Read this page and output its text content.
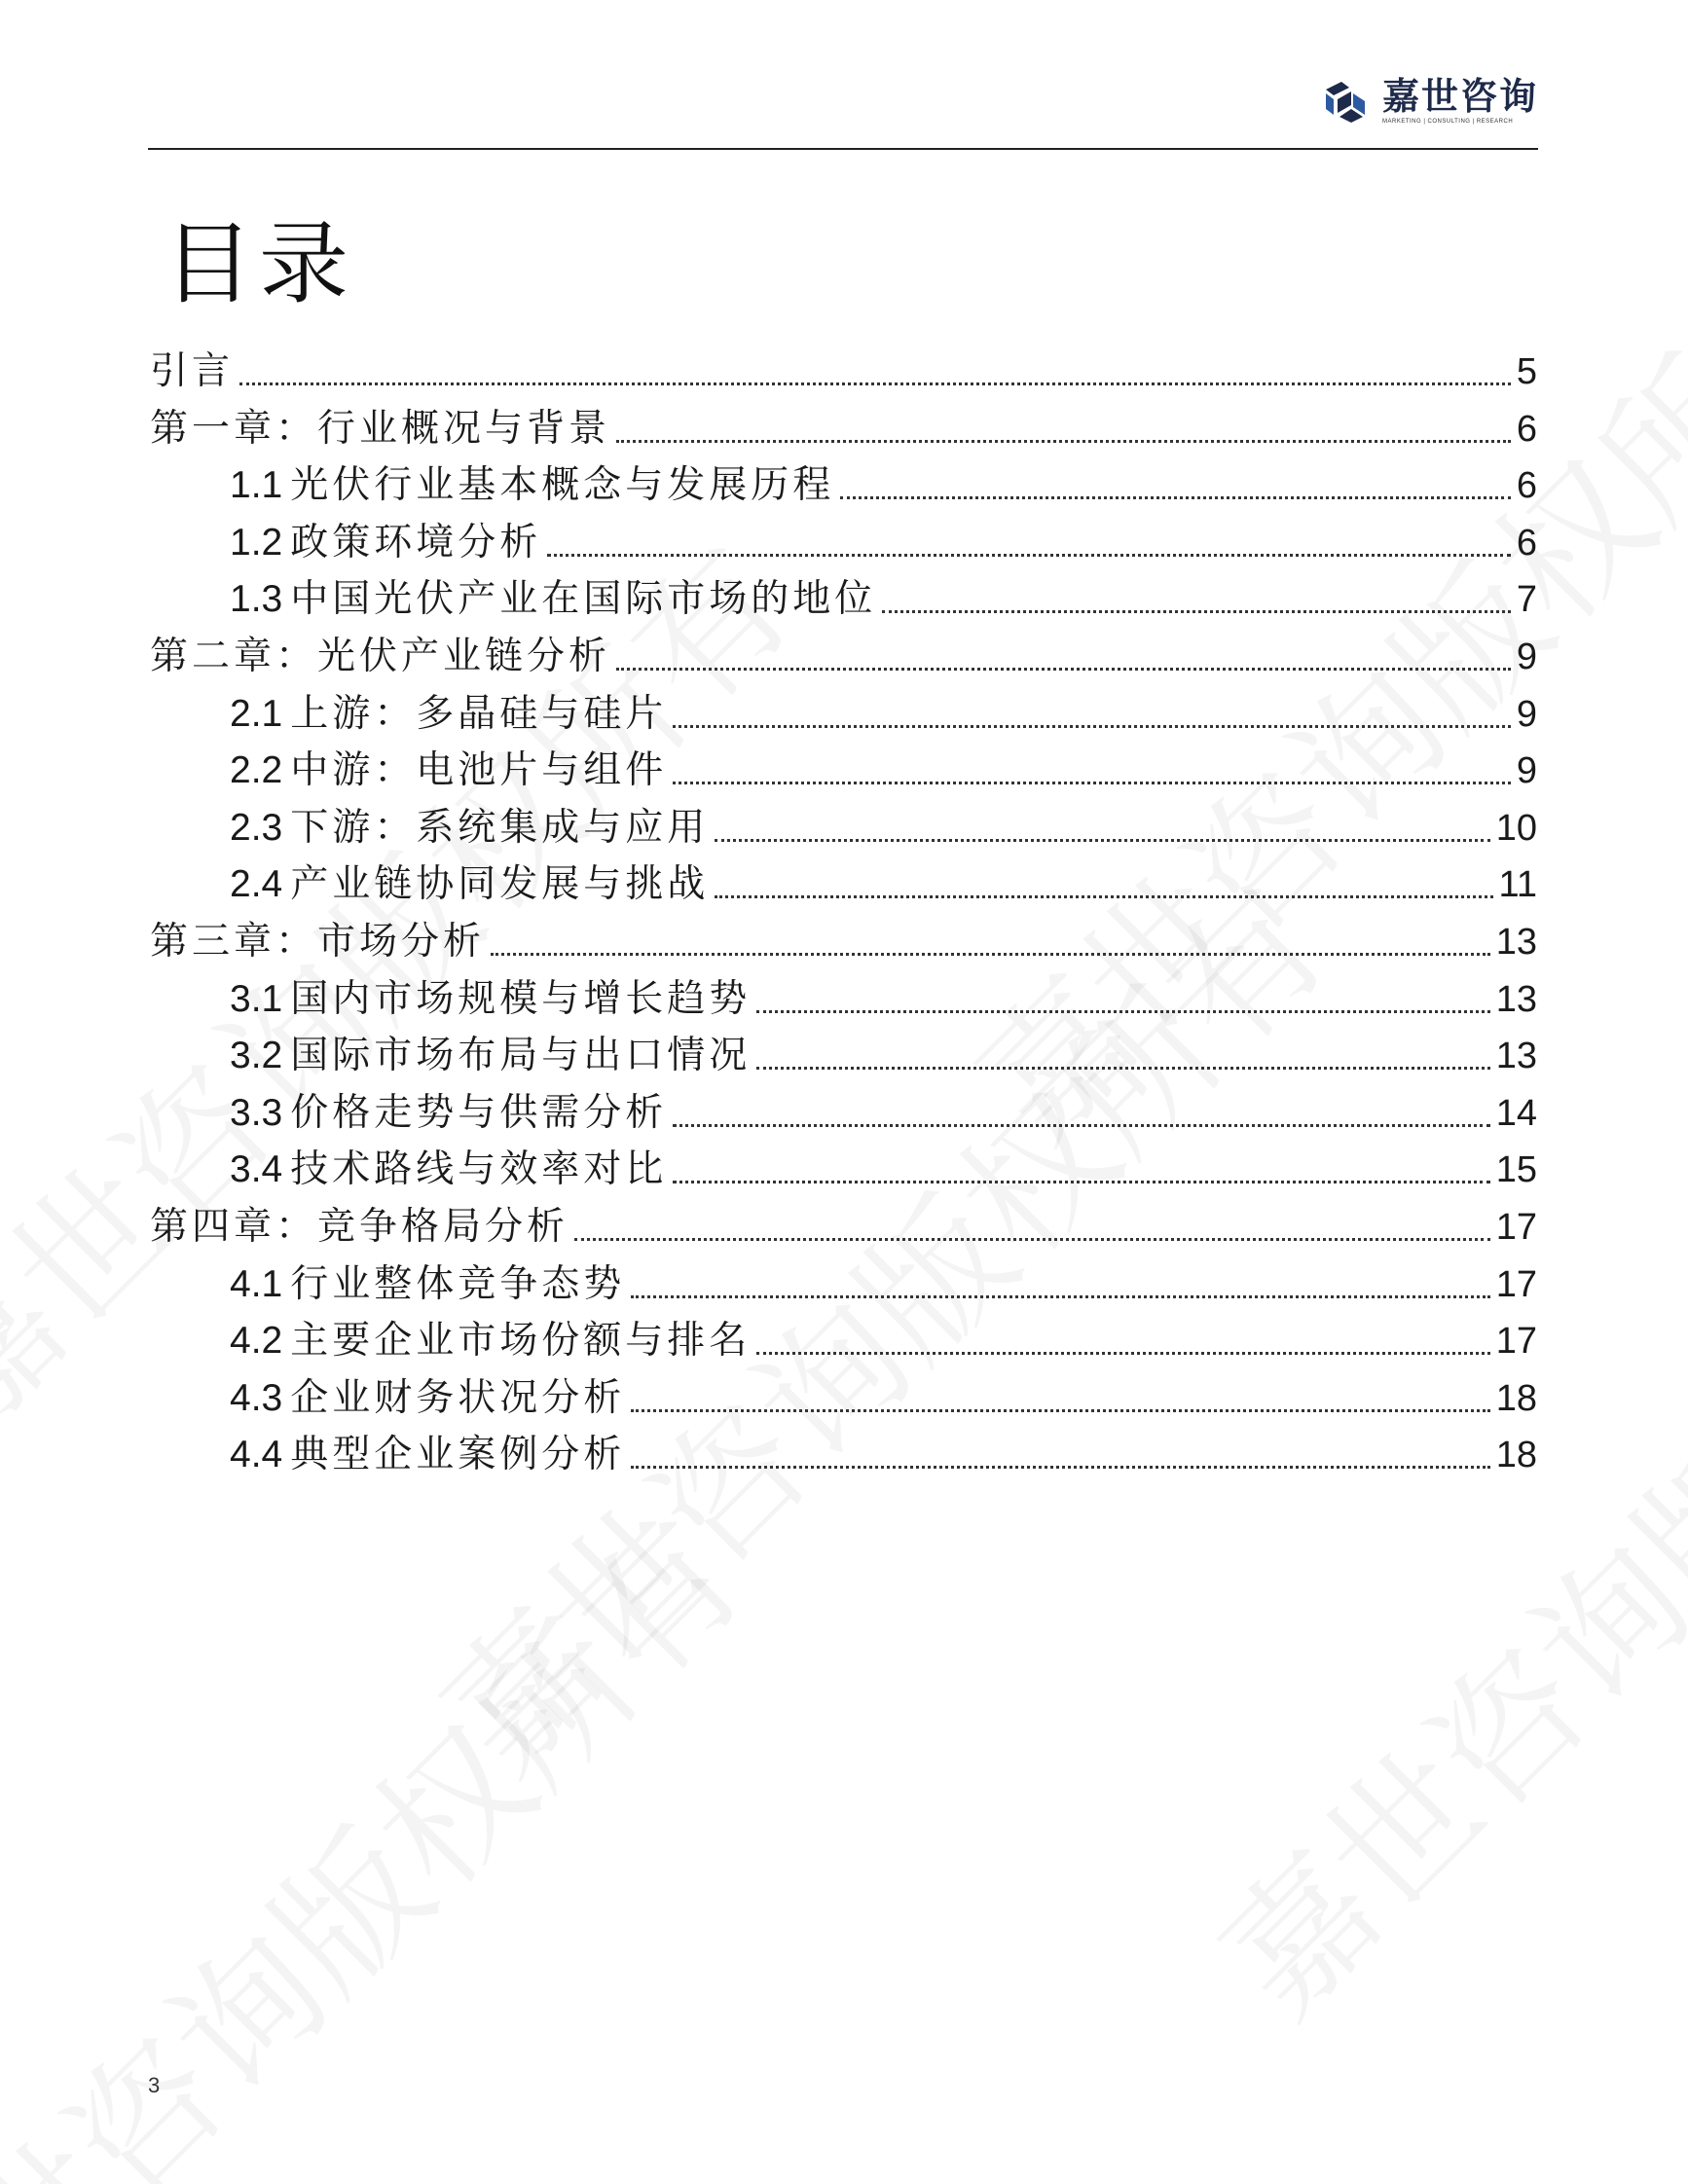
嘉世咨询
MARKETING | CONSULTING | RESEARCH
目录
引言	5
第一章：行业概况与背景	6
1.1 光伏行业基本概念与发展历程	6
1.2 政策环境分析	6
1.3 中国光伏产业在国际市场的地位	7
第二章：光伏产业链分析	9
2.1 上游：多晶硅与硅片	9
2.2 中游：电池片与组件	9
2.3 下游：系统集成与应用	10
2.4 产业链协同发展与挑战	11
第三章：市场分析	13
3.1 国内市场规模与增长趋势	13
3.2 国际市场布局与出口情况	13
3.3 价格走势与供需分析	14
3.4 技术路线与效率对比	15
第四章：竞争格局分析	17
4.1 行业整体竞争态势	17
4.2 主要企业市场份额与排名	17
4.3 企业财务状况分析	18
4.4 典型企业案例分析	18
3
